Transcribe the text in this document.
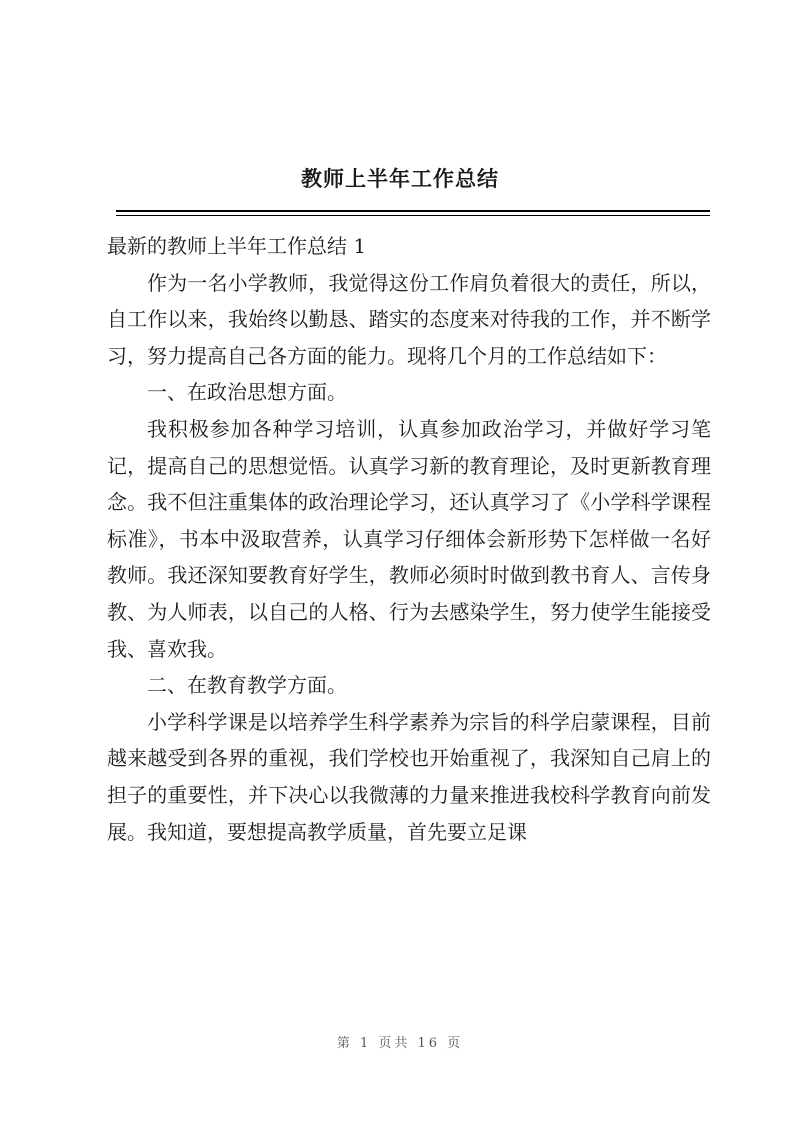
教师上半年工作总结

最新的教师上半年工作总结 1

作为一名小学教师，我觉得这份工作肩负着很大的责任，所以，自工作以来，我始终以勤恳、踏实的态度来对待我的工作，并不断学习，努力提高自己各方面的能力。现将几个月的工作总结如下：

一、在政治思想方面。

我积极参加各种学习培训，认真参加政治学习，并做好学习笔记，提高自己的思想觉悟。认真学习新的教育理论，及时更新教育理念。我不但注重集体的政治理论学习，还认真学习了《小学科学课程标准》，书本中汲取营养，认真学习仔细体会新形势下怎样做一名好教师。我还深知要教育好学生，教师必须时时做到教书育人、言传身教、为人师表，以自己的人格、行为去感染学生，努力使学生能接受我、喜欢我。

二、在教育教学方面。

小学科学课是以培养学生科学素养为宗旨的科学启蒙课程，目前越来越受到各界的重视，我们学校也开始重视了，我深知自己肩上的担子的重要性，并下决心以我微薄的力量来推进我校科学教育向前发展。我知道，要想提高教学质量，首先要立足课

第 1 页共 16 页
